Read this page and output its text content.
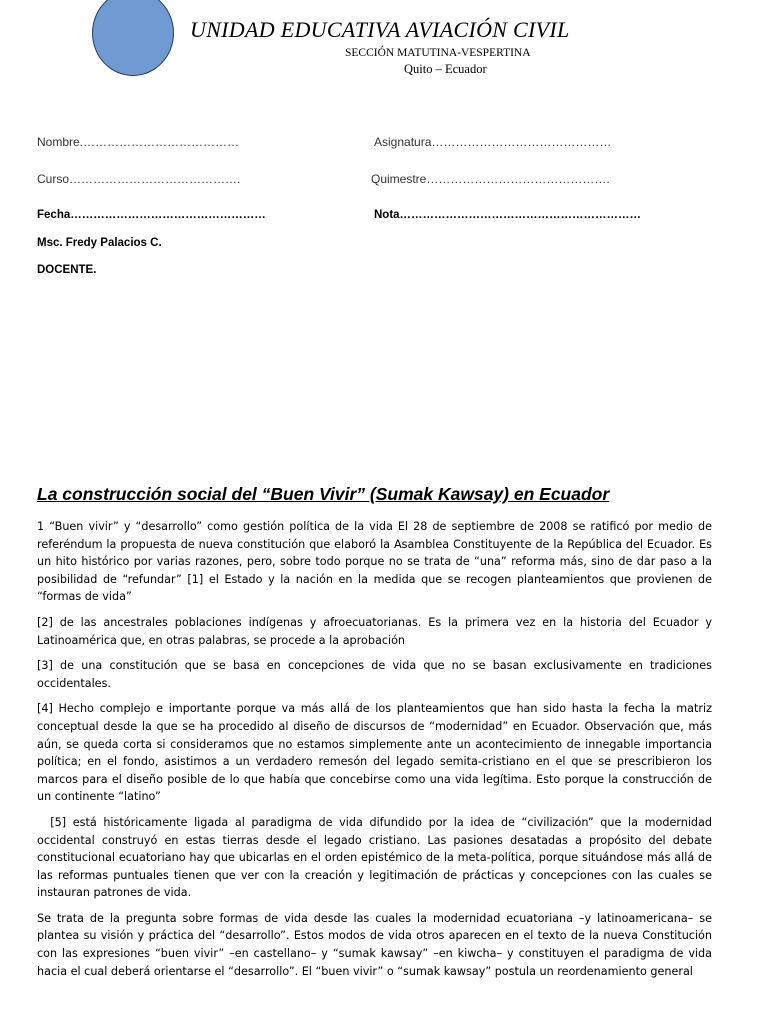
UNIDAD EDUCATIVA AVIACIÓN CIVIL
SECCIÓN MATUTINA-VESPERTINA
Quito – Ecuador
Nombre.…………………………………	Asignatura………………………………………
Curso…………………………………….	Quimestre……………………………………….
Fecha……………………………………………	Nota………………………………………………………
Msc. Fredy Palacios C.
DOCENTE.
La construcción social del “Buen Vivir” (Sumak Kawsay) en Ecuador

1 “Buen vivir” y “desarrollo” como gestión política de la vida El 28 de septiembre de 2008 se ratificó por medio de referéndum la propuesta de nueva constitución que elaboró la Asamblea Constituyente de la República del Ecuador. Es un hito histórico por varias razones, pero, sobre todo porque no se trata de “una” reforma más, sino de dar paso a la posibilidad de “refundar” [1] el Estado y la nación en la medida que se recogen planteamientos que provienen de “formas de vida”

[2] de las ancestrales poblaciones indígenas y afroecuatorianas. Es la primera vez en la historia del Ecuador y Latinoamérica que, en otras palabras, se procede a la aprobación

[3] de una constitución que se basa en concepciones de vida que no se basan exclusivamente en tradiciones occidentales.

[4] Hecho complejo e importante porque va más allá de los planteamientos que han sido hasta la fecha la matriz conceptual desde la que se ha procedido al diseño de discursos de “modernidad” en Ecuador. Observación que, más aún, se queda corta si consideramos que no estamos simplemente ante un acontecimiento de innegable importancia política; en el fondo, asistimos a un verdadero remesón del legado semita-cristiano en el que se prescribieron los marcos para el diseño posible de lo que había que concebirse como una vida legítima. Esto porque la construcción de un continente “latino”

[5] está históricamente ligada al paradigma de vida difundido por la idea de “civilización” que la modernidad occidental construyó en estas tierras desde el legado cristiano. Las pasiones desatadas a propósito del debate constitucional ecuatoriano hay que ubicarlas en el orden epistémico de la meta-política, porque situándose más allá de las reformas puntuales tienen que ver con la creación y legitimación de prácticas y concepciones con las cuales se instauran patrones de vida.

Se trata de la pregunta sobre formas de vida desde las cuales la modernidad ecuatoriana –y latinoamericana– se plantea su visión y práctica del “desarrollo”. Estos modos de vida otros aparecen en el texto de la nueva Constitución con las expresiones “buen vivir” –en castellano– y “sumak kawsay” –en kiwcha– y constituyen el paradigma de vida hacia el cual deberá orientarse el “desarrollo”. El “buen vivir” o “sumak kawsay” postula un reordenamiento general
